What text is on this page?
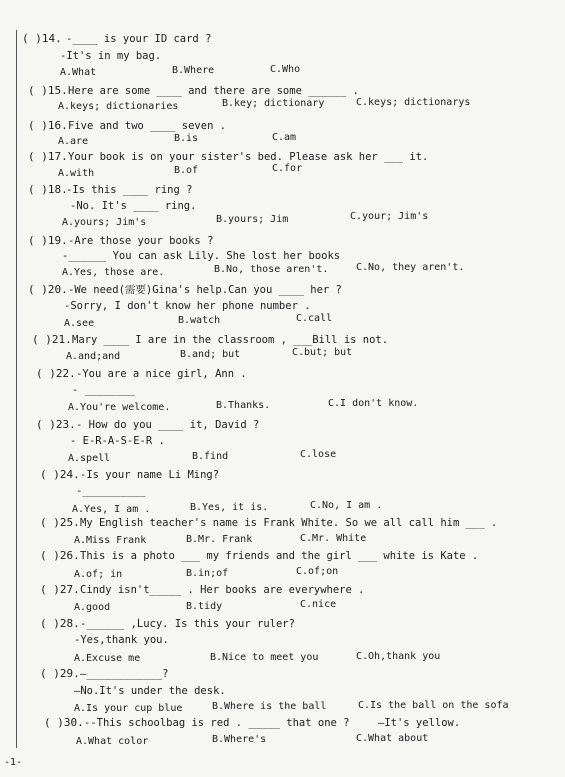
( )14. -____ is your ID card ?
-It's in my bag.
A.What	B.Where	C.Who
( )15. Here are some ____ and there are some ______ .
A.keys; dictionaries	B.key; dictionary	C.keys; dictionarys
( )16. Five and two ____ seven .
A.are	B.is	C.am
( )17. Your book is on your sister's bed. Please ask her ___ it.
A.with	B.of	C.for
( )18.
-Is this ____ ring ?
-No. It's ____ ring.
A.yours; Jim's	B.yours; Jim	C.your; Jim's
( )19. -Are those your books ?
-______ You can ask Lily. She lost her books
A.Yes, those are.	B.No, those aren't.	C.No, they aren't.
( )20. -We need(需要)Gina's help.Can you ____ her ?
-Sorry, I don't know her phone number .
A.see	B.watch	C.call
( )21. Mary ____ I are in the classroom , ___Bill is not.
A.and;and	B.and; but	C.but; but
( )22. -You are a nice girl, Ann .
- ________
A.You're welcome.	B.Thanks.	C.I don't know.
( )23. - How do you ____ it, David ?
- E-R-A-S-E-R .
A.spell	B.find	C.lose
( )24. -Is your name Li Ming?
-__________
A.Yes, I am .	B.Yes, it is.	C.No, I am .
( )25. My English teacher's name is Frank White. So we all call him ___ .
A.Miss Frank	B.Mr. Frank	C.Mr. White
( )26. This is a photo ___ my friends and the girl ___ white is Kate .
A.of; in	B.in;of	C.of;on
( )27. Cindy isn't_____ . Her books are everywhere .
A.good	B.tidy	C.nice
( )28. -______ ,Lucy. Is this your ruler?
-Yes,thank you.
A.Excuse me	B.Nice to meet you	C.Oh,thank you
( )29. —____________?
—No.It's under the desk.
A.Is your cup blue	B.Where is the ball	C.Is the ball on the sofa
( )30. --This schoolbag is red . _____ that one ?	—It's yellow.
A.What color	B.Where's	C.What about
-1-
